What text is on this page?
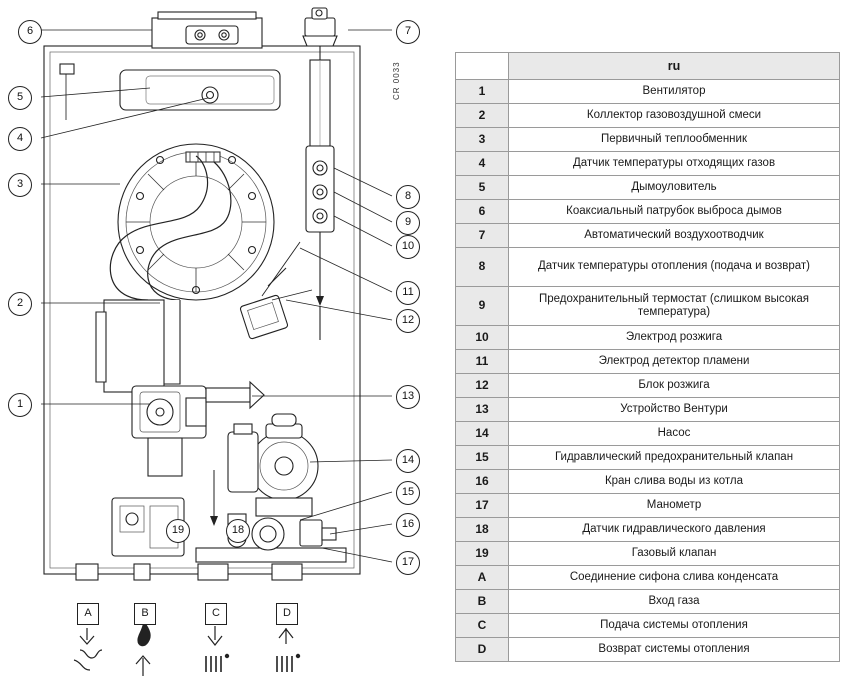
CR 0033
6	7
5
4
3
2
1
8
9
10
11
12
13
14
15
16
17
18
19
A	B	C	D
	ru
1	Вентилятор
2	Коллектор газовоздушной смеси
3	Первичный теплообменник
4	Датчик температуры отходящих газов
5	Дымоуловитель
6	Коаксиальный патрубок выброса дымов
7	Автоматический воздухоотводчик
8	Датчик температуры отопления (подача и возврат)
9	Предохранительный термостат (слишком высокая температура)
10	Электрод розжига
11	Электрод детектор пламени
12	Блок розжига
13	Устройство Вентури
14	Насос
15	Гидравлический предохранительный клапан
16	Кран слива воды из котла
17	Манометр
18	Датчик гидравлического давления
19	Газовый клапан
A	Соединение сифона слива конденсата
B	Вход газа
C	Подача системы отопления
D	Возврат системы отопления
